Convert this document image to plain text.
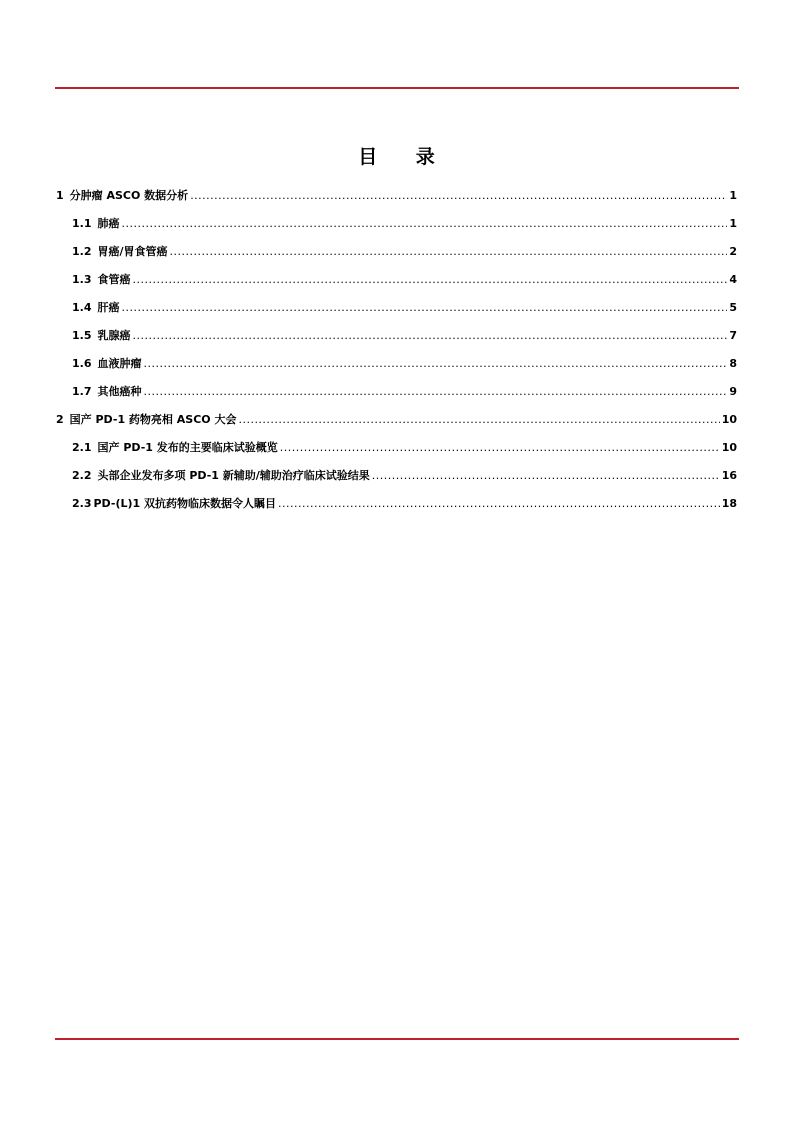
目 录
1 分肿瘤 ASCO 数据分析 .....	1
1.1 肺癌 .....	1
1.2 胃癌/胃食管癌 .....	2
1.3 食管癌 .....	4
1.4 肝癌 .....	5
1.5 乳腺癌 .....	7
1.6 血液肿瘤 .....	8
1.7 其他癌种 .....	9
2 国产 PD-1 药物亮相 ASCO 大会 .....	10
2.1 国产 PD-1 发布的主要临床试验概览 .....	10
2.2 头部企业发布多项 PD-1 新辅助/辅助治疗临床试验结果 .....	16
2.3 PD-(L)1 双抗药物临床数据令人瞩目 .....	18
